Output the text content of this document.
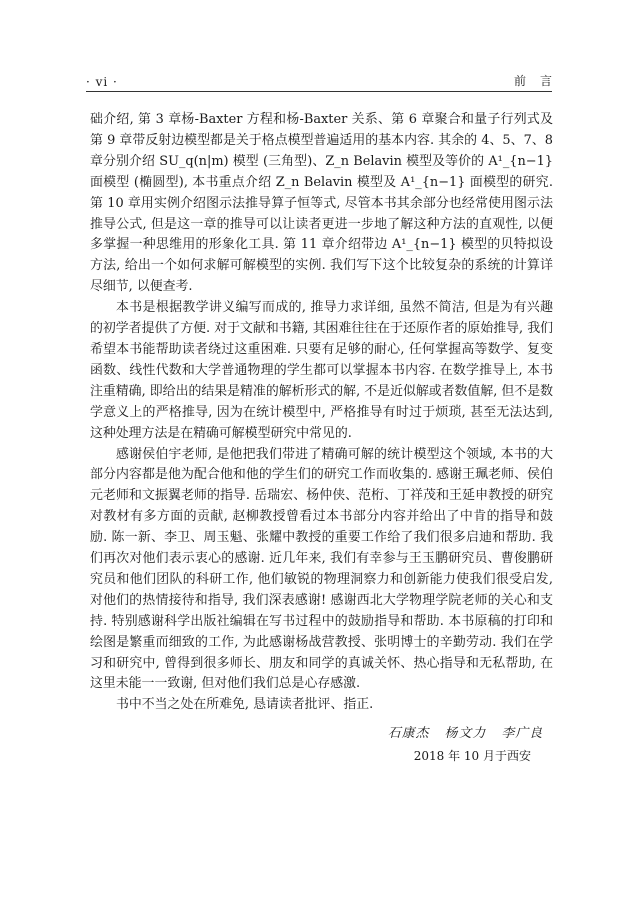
· vi ·	前言

础介绍, 第 3 章杨-Baxter 方程和杨-Baxter 关系、第 6 章聚合和量子行列式及第 9 章带反射边模型都是关于格点模型普遍适用的基本内容. 其余的 4、5、7、8 章分别介绍 SU_q(n|m) 模型 (三角型)、Z_n Belavin 模型及等价的 A¹_{n−1} 面模型 (椭圆型), 本书重点介绍 Z_n Belavin 模型及 A¹_{n−1} 面模型的研究. 第 10 章用实例介绍图示法推导算子恒等式, 尽管本书其余部分也经常使用图示法推导公式, 但是这一章的推导可以让读者更进一步地了解这种方法的直观性, 以便多掌握一种思维用的形象化工具. 第 11 章介绍带边 A¹_{n−1} 模型的贝特拟设方法, 给出一个如何求解可解模型的实例. 我们写下这个比较复杂的系统的计算详尽细节, 以便查考.

本书是根据教学讲义编写而成的, 推导力求详细, 虽然不简洁, 但是为有兴趣的初学者提供了方便. 对于文献和书籍, 其困难往往在于还原作者的原始推导, 我们希望本书能帮助读者绕过这重困难. 只要有足够的耐心, 任何掌握高等数学、复变函数、线性代数和大学普通物理的学生都可以掌握本书内容. 在数学推导上, 本书注重精确, 即给出的结果是精准的解析形式的解, 不是近似解或者数值解, 但不是数学意义上的严格推导, 因为在统计模型中, 严格推导有时过于烦琐, 甚至无法达到, 这种处理方法是在精确可解模型研究中常见的.

感谢侯伯宇老师, 是他把我们带进了精确可解的统计模型这个领域, 本书的大部分内容都是他为配合他和他的学生们的研究工作而收集的. 感谢王珮老师、侯伯元老师和文振翼老师的指导. 岳瑞宏、杨仲侠、范桁、丁祥茂和王延申教授的研究对教材有多方面的贡献, 赵柳教授曾看过本书部分内容并给出了中肯的指导和鼓励. 陈一新、李卫、周玉魁、张耀中教授的重要工作给了我们很多启迪和帮助. 我们再次对他们表示衷心的感谢. 近几年来, 我们有幸参与王玉鹏研究员、曹俊鹏研究员和他们团队的科研工作, 他们敏锐的物理洞察力和创新能力使我们很受启发, 对他们的热情接待和指导, 我们深表感谢! 感谢西北大学物理学院老师的关心和支持. 特别感谢科学出版社编辑在写书过程中的鼓励指导和帮助. 本书原稿的打印和绘图是繁重而细致的工作, 为此感谢杨战营教授、张明博士的辛勤劳动. 我们在学习和研究中, 曾得到很多师长、朋友和同学的真诚关怀、热心指导和无私帮助, 在这里未能一一致谢, 但对他们我们总是心存感激.

书中不当之处在所难免, 恳请读者批评、指正.

石康杰 杨文力 李广良
2018 年 10 月于西安
